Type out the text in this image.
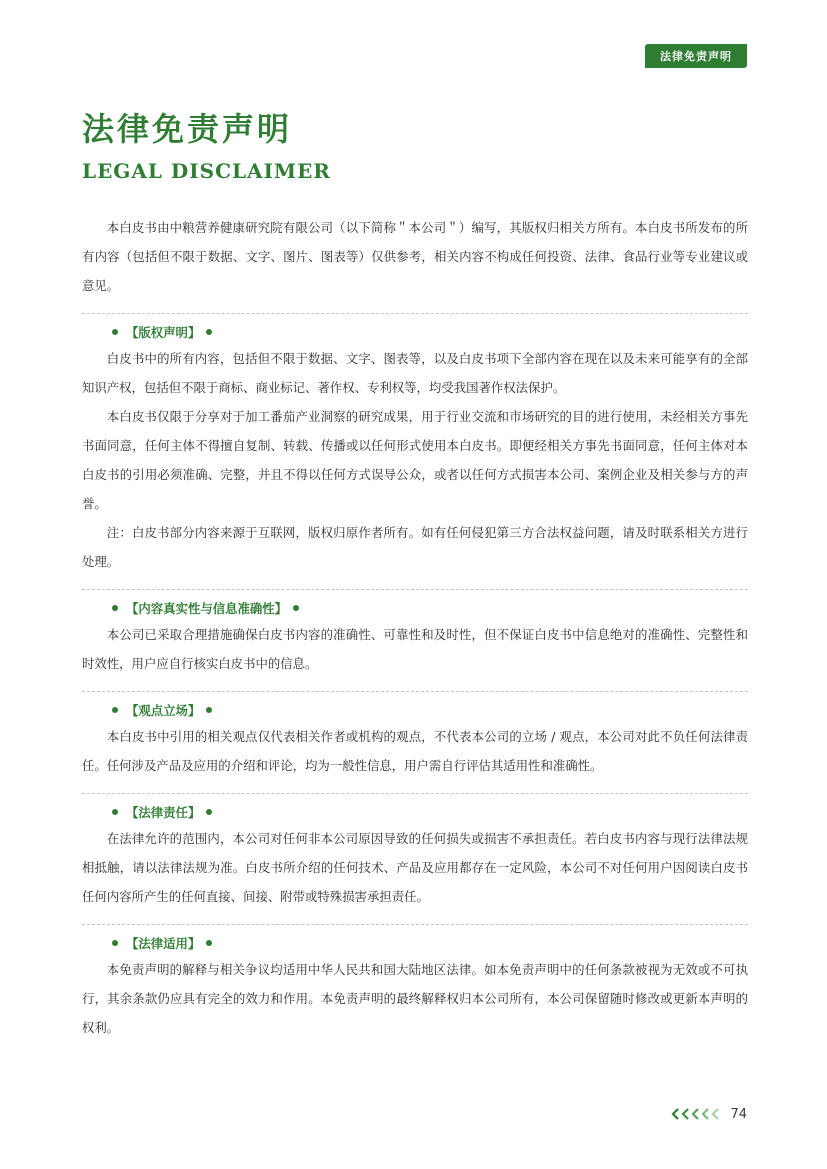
法律免责声明
法律免责声明
LEGAL DISCLAIMER

本白皮书由中粮营养健康研究院有限公司（以下简称＂本公司＂）编写，其版权归相关方所有。本白皮书所发布的所有内容（包括但不限于数据、文字、图片、图表等）仅供参考，相关内容不构成任何投资、法律、食品行业等专业建议或意见。

【版权声明】

白皮书中的所有内容，包括但不限于数据、文字、图表等，以及白皮书项下全部内容在现在以及未来可能享有的全部知识产权，包括但不限于商标、商业标记、著作权、专利权等，均受我国著作权法保护。

本白皮书仅限于分享对于加工番茄产业洞察的研究成果，用于行业交流和市场研究的目的进行使用，未经相关方事先书面同意，任何主体不得擅自复制、转载、传播或以任何形式使用本白皮书。即便经相关方事先书面同意，任何主体对本白皮书的引用必须准确、完整，并且不得以任何方式误导公众，或者以任何方式损害本公司、案例企业及相关参与方的声誉。

注：白皮书部分内容来源于互联网，版权归原作者所有。如有任何侵犯第三方合法权益问题，请及时联系相关方进行处理。

【内容真实性与信息准确性】

本公司已采取合理措施确保白皮书内容的准确性、可靠性和及时性，但不保证白皮书中信息绝对的准确性、完整性和时效性，用户应自行核实白皮书中的信息。

【观点立场】

本白皮书中引用的相关观点仅代表相关作者或机构的观点，不代表本公司的立场 / 观点，本公司对此不负任何法律责任。任何涉及产品及应用的介绍和评论，均为一般性信息，用户需自行评估其适用性和准确性。

【法律责任】

在法律允许的范围内，本公司对任何非本公司原因导致的任何损失或损害不承担责任。若白皮书内容与现行法律法规相抵触，请以法律法规为准。白皮书所介绍的任何技术、产品及应用都存在一定风险，本公司不对任何用户因阅读白皮书任何内容所产生的任何直接、间接、附带或特殊损害承担责任。

【法律适用】

本免责声明的解释与相关争议均适用中华人民共和国大陆地区法律。如本免责声明中的任何条款被视为无效或不可执行，其余条款仍应具有完全的效力和作用。本免责声明的最终解释权归本公司所有，本公司保留随时修改或更新本声明的权利。

74
